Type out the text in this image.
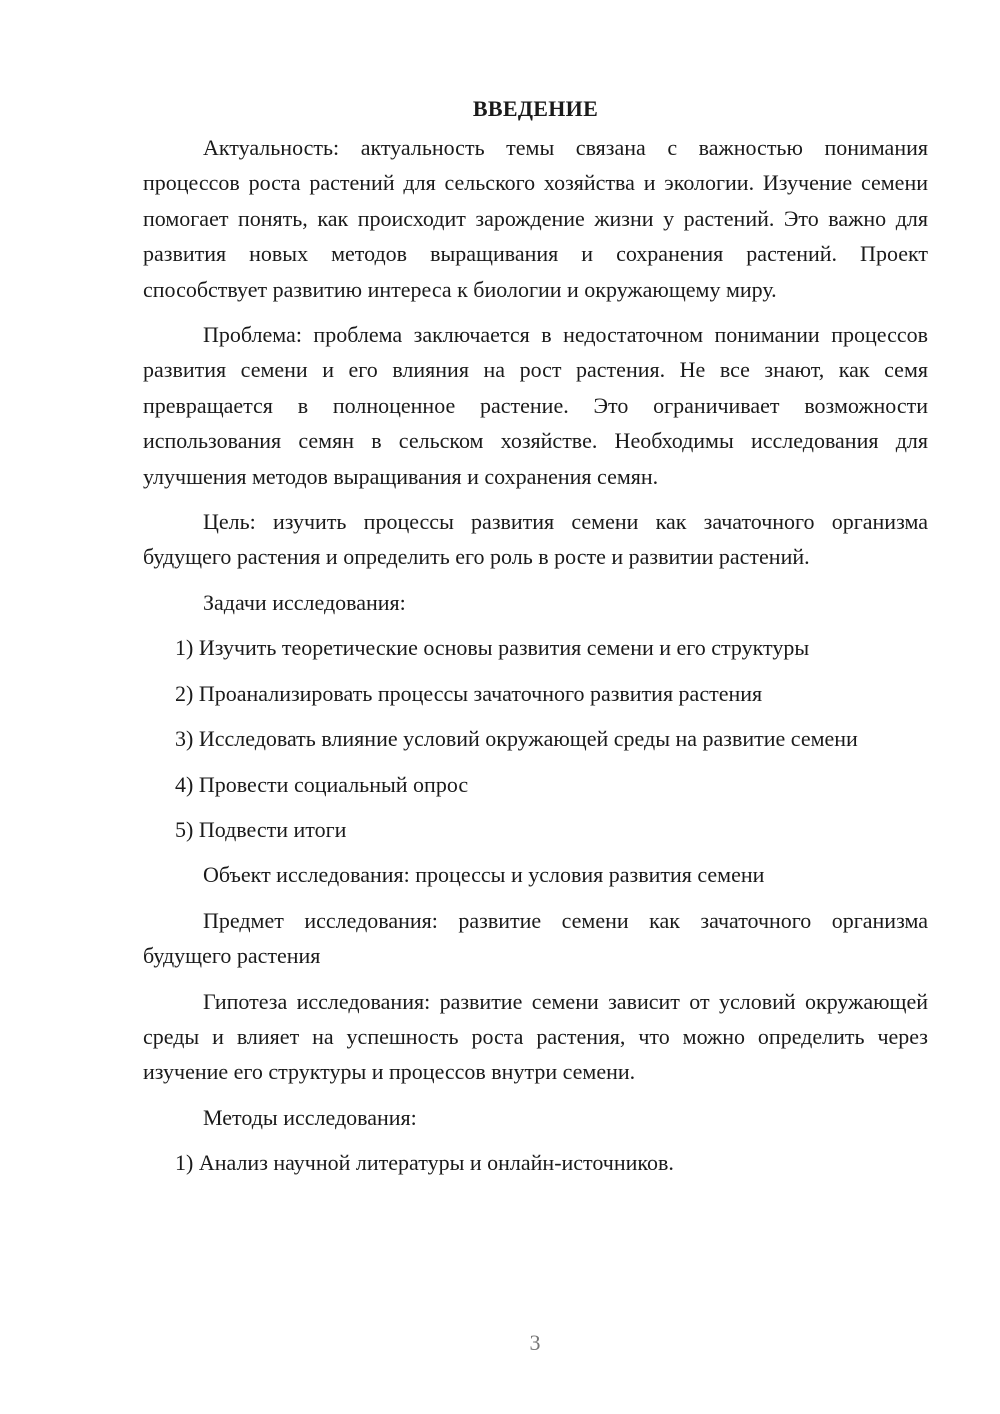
ВВЕДЕНИЕ

Актуальность: актуальность темы связана с важностью понимания процессов роста растений для сельского хозяйства и экологии. Изучение семени помогает понять, как происходит зарождение жизни у растений. Это важно для развития новых методов выращивания и сохранения растений. Проект способствует развитию интереса к биологии и окружающему миру.

Проблема: проблема заключается в недостаточном понимании процессов развития семени и его влияния на рост растения. Не все знают, как семя превращается в полноценное растение. Это ограничивает возможности использования семян в сельском хозяйстве. Необходимы исследования для улучшения методов выращивания и сохранения семян.

Цель: изучить процессы развития семени как зачаточного организма будущего растения и определить его роль в росте и развитии растений.

Задачи исследования:

1) Изучить теоретические основы развития семени и его структуры

2) Проанализировать процессы зачаточного развития растения

3) Исследовать влияние условий окружающей среды на развитие семени

4) Провести социальный опрос

5) Подвести итоги

Объект исследования: процессы и условия развития семени

Предмет исследования: развитие семени как зачаточного организма будущего растения

Гипотеза исследования: развитие семени зависит от условий окружающей среды и влияет на успешность роста растения, что можно определить через изучение его структуры и процессов внутри семени.

Методы исследования:

1) Анализ научной литературы и онлайн-источников.

3
